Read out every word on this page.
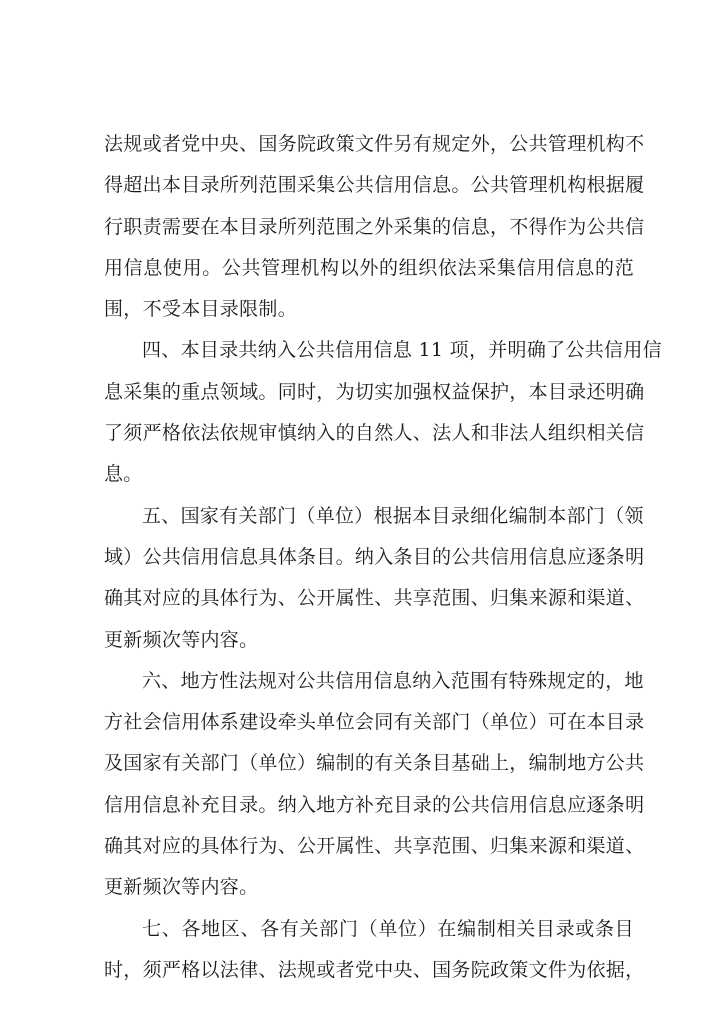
法规或者党中央、国务院政策文件另有规定外，公共管理机构不
得超出本目录所列范围采集公共信用信息。公共管理机构根据履
行职责需要在本目录所列范围之外采集的信息，不得作为公共信
用信息使用。公共管理机构以外的组织依法采集信用信息的范
围，不受本目录限制。
四、本目录共纳入公共信用信息 11 项，并明确了公共信用信
息采集的重点领域。同时，为切实加强权益保护，本目录还明确
了须严格依法依规审慎纳入的自然人、法人和非法人组织相关信
息。
五、国家有关部门（单位）根据本目录细化编制本部门（领
域）公共信用信息具体条目。纳入条目的公共信用信息应逐条明
确其对应的具体行为、公开属性、共享范围、归集来源和渠道、
更新频次等内容。
六、地方性法规对公共信用信息纳入范围有特殊规定的，地
方社会信用体系建设牵头单位会同有关部门（单位）可在本目录
及国家有关部门（单位）编制的有关条目基础上，编制地方公共
信用信息补充目录。纳入地方补充目录的公共信用信息应逐条明
确其对应的具体行为、公开属性、共享范围、归集来源和渠道、
更新频次等内容。
七、各地区、各有关部门（单位）在编制相关目录或条目
时，须严格以法律、法规或者党中央、国务院政策文件为依据，
